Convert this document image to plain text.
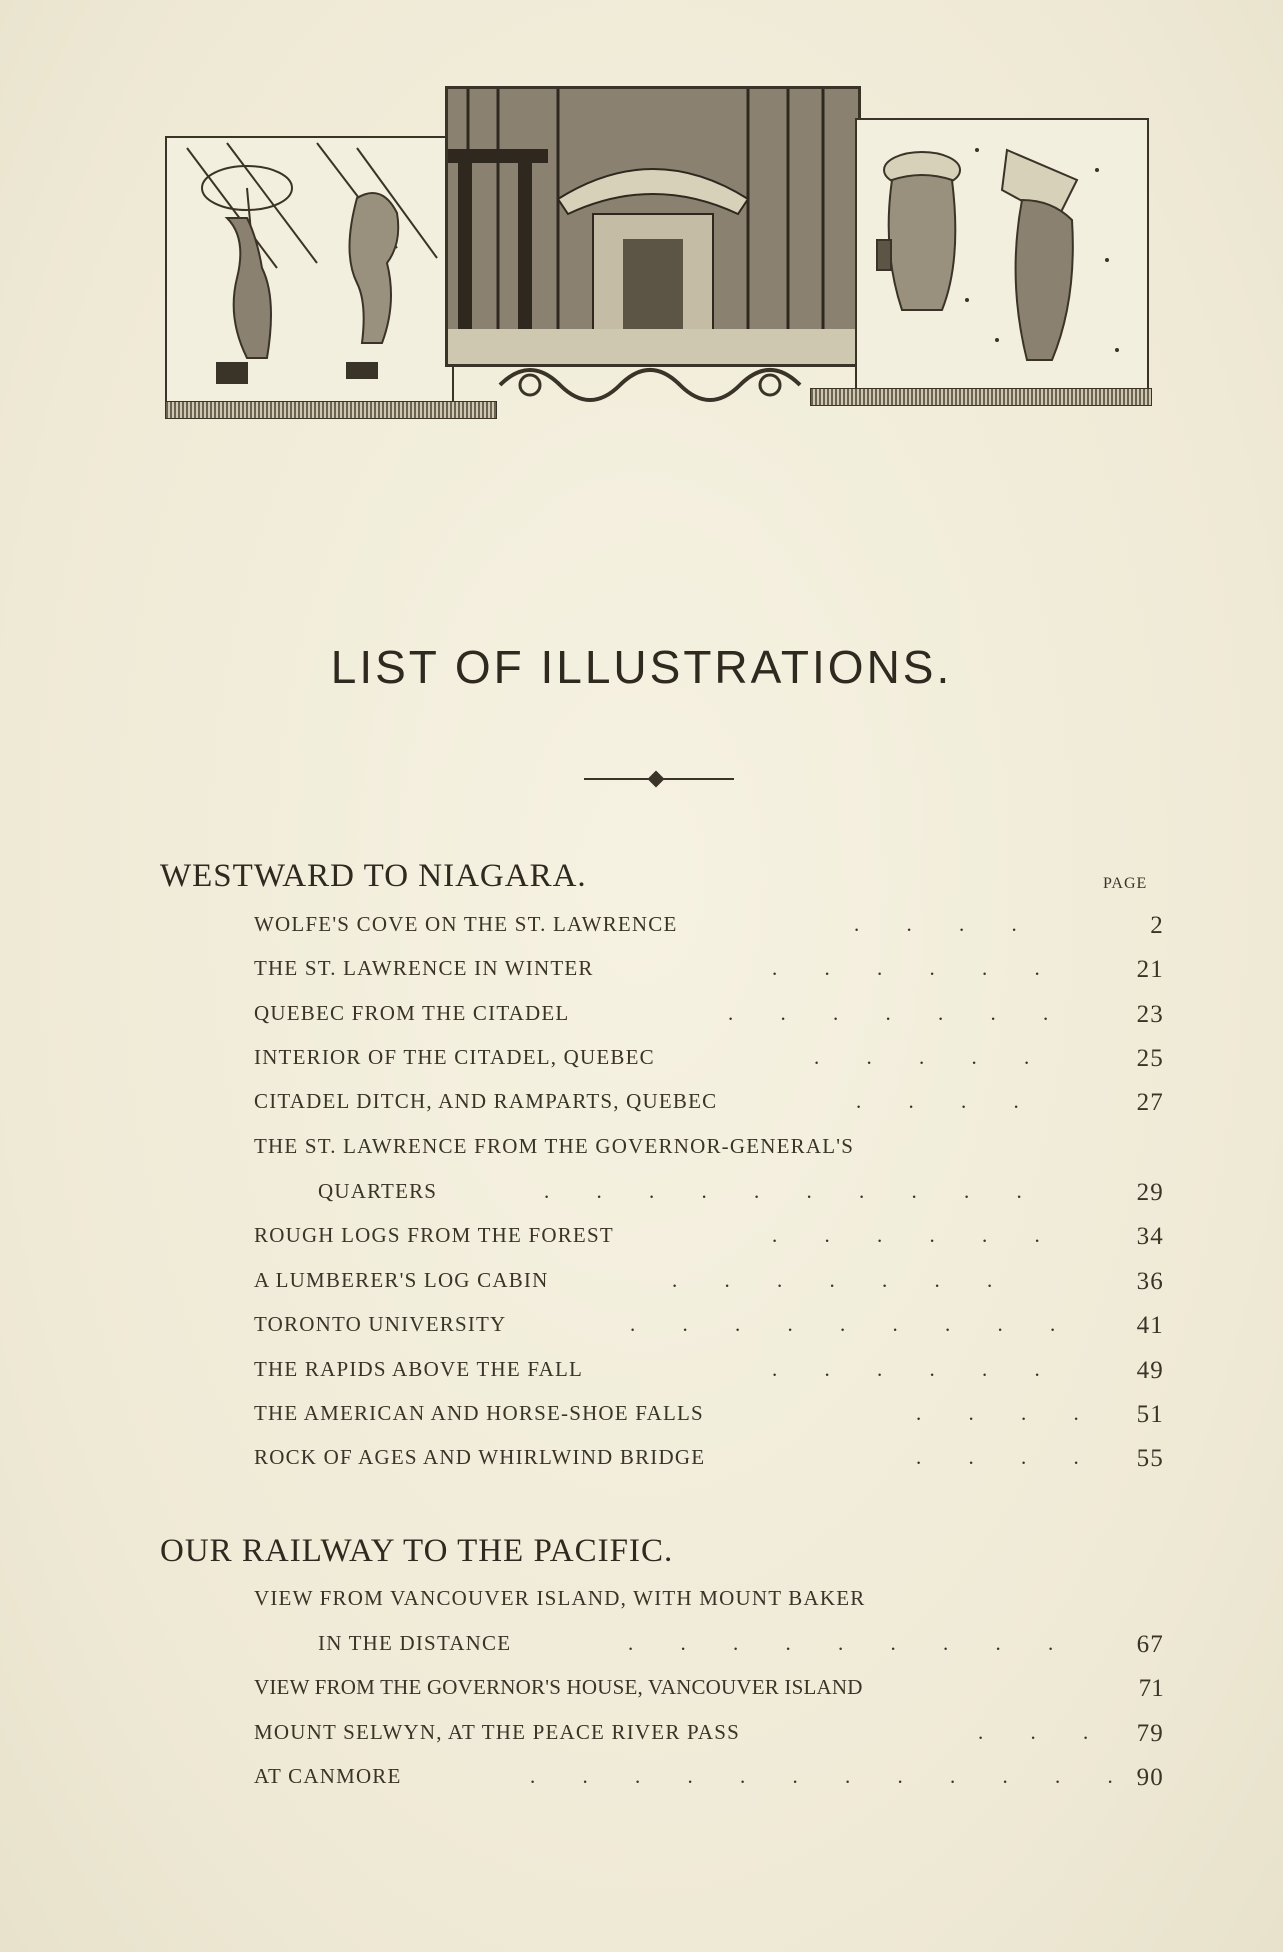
LIST OF ILLUSTRATIONS.
WESTWARD TO NIAGARA.	PAGE
WOLFE'S COVE ON THE ST. LAWRENCE	. . . .	2
THE ST. LAWRENCE IN WINTER	. . . . . .	21
QUEBEC FROM THE CITADEL	. . . . . . .	23
INTERIOR OF THE CITADEL, QUEBEC	. . . . .	25
CITADEL DITCH, AND RAMPARTS, QUEBEC	. . . .	27
THE ST. LAWRENCE FROM THE GOVERNOR-GENERAL'S
QUARTERS	. . . . . . . . . .	29
ROUGH LOGS FROM THE FOREST	. . . . . .	34
A LUMBERER'S LOG CABIN	. . . . . . .	36
TORONTO UNIVERSITY	. . . . . . . . .	41
THE RAPIDS ABOVE THE FALL	. . . . . .	49
THE AMERICAN AND HORSE-SHOE FALLS	. . . .	51
ROCK OF AGES AND WHIRLWIND BRIDGE	. . . .	55
OUR RAILWAY TO THE PACIFIC.
VIEW FROM VANCOUVER ISLAND, WITH MOUNT BAKER
IN THE DISTANCE	. . . . . . . . .	67
VIEW FROM THE GOVERNOR'S HOUSE, VANCOUVER ISLAND	71
MOUNT SELWYN, AT THE PEACE RIVER PASS	. . .	79
AT CANMORE	. . . . . . . . . . . . 90
